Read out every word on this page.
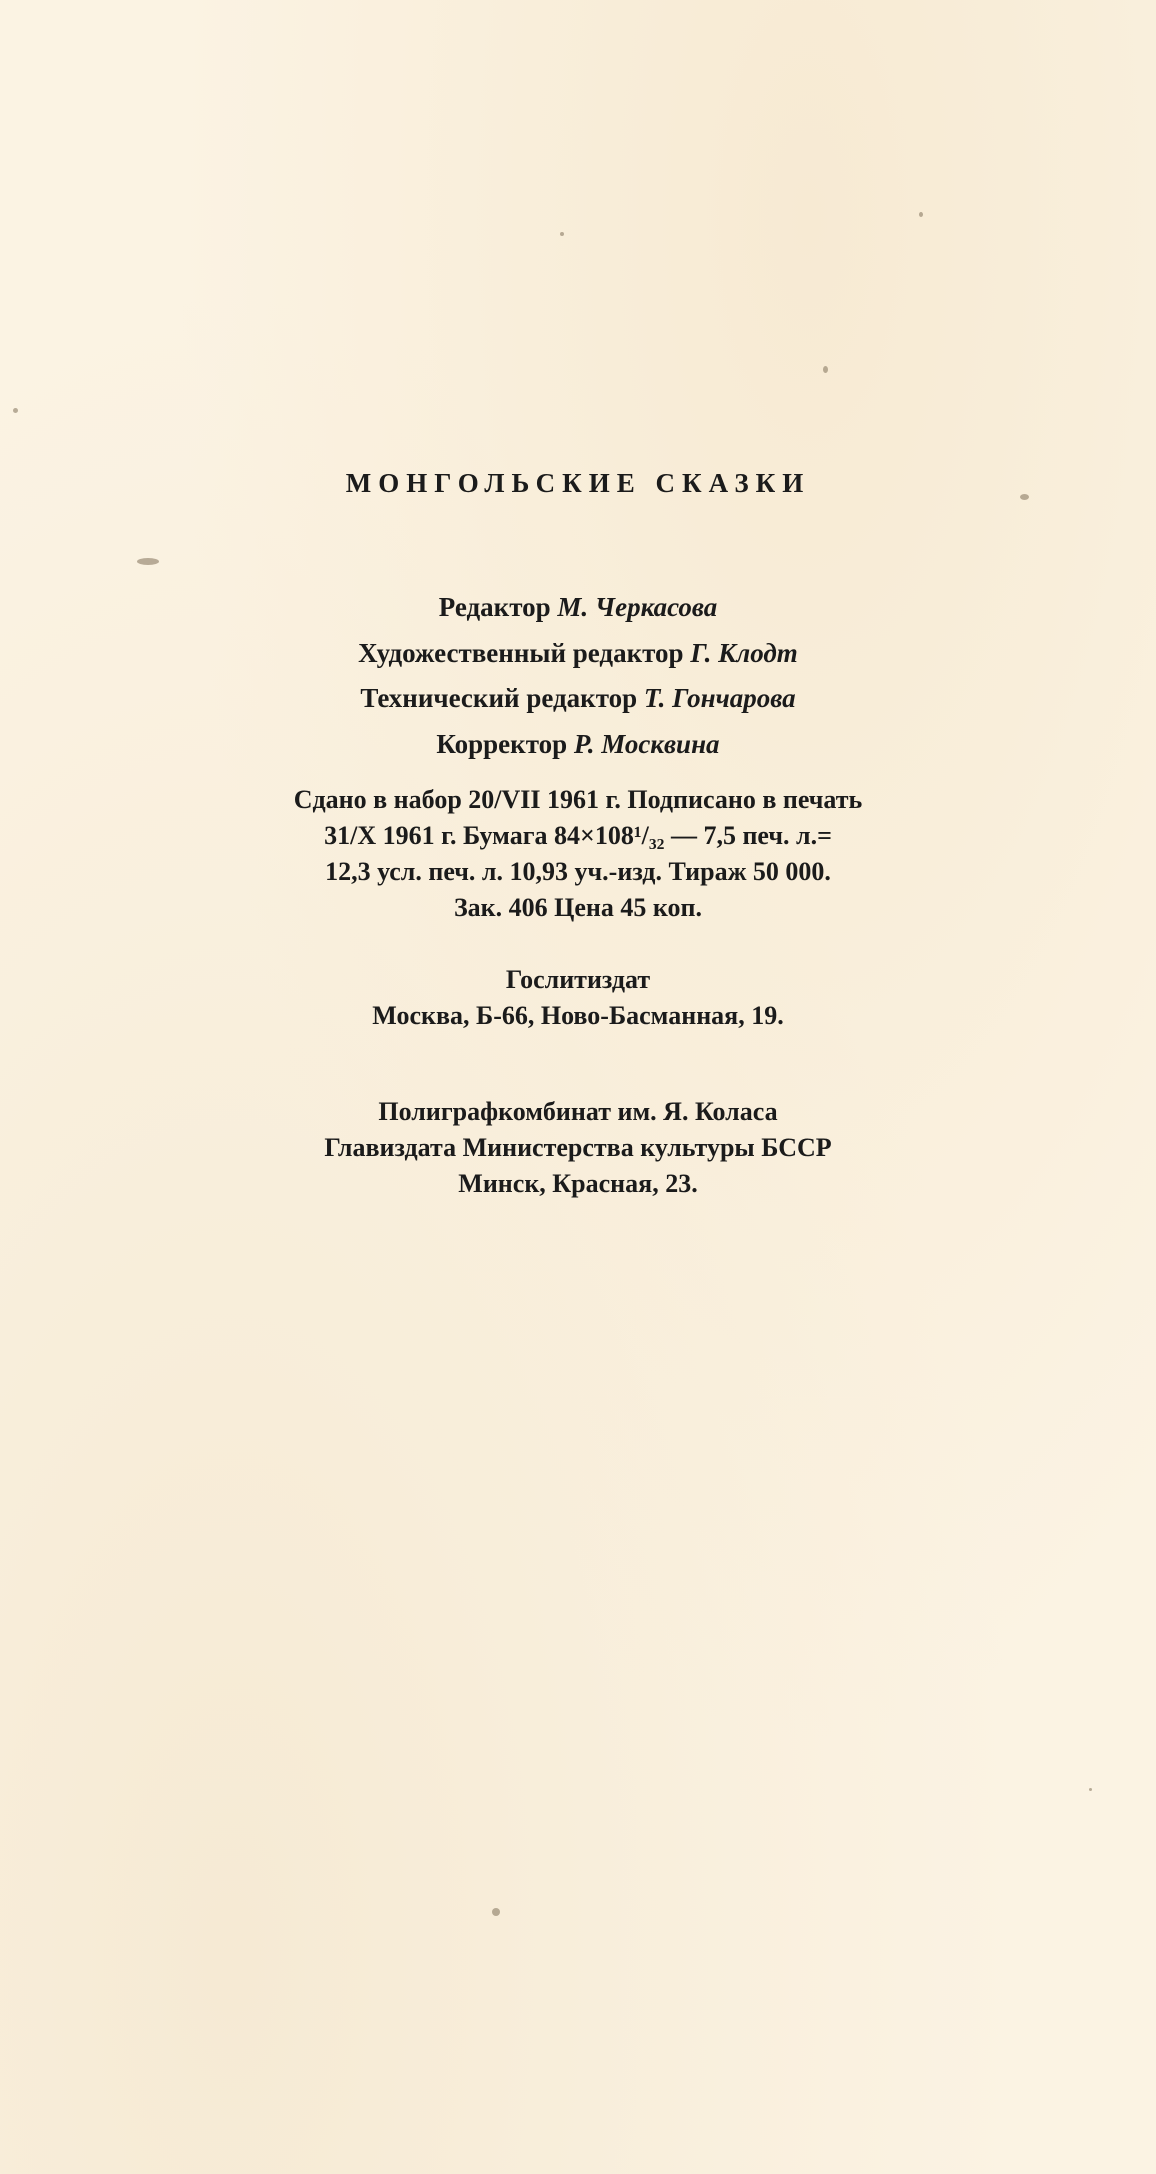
МОНГОЛЬСКИЕ СКАЗКИ
Редактор М. Черкасова
Художественный редактор Г. Клодт
Технический редактор Т. Гончарова
Корректор Р. Москвина
Сдано в набор 20/VII 1961 г. Подписано в печать
31/X 1961 г. Бумага 84×108¹/₃₂ — 7,5 печ. л.=
12,3 усл. печ. л. 10,93 уч.-изд. Тираж 50 000.
Зак. 406 Цена 45 коп.
Гослитиздат
Москва, Б-66, Ново-Басманная, 19.
Полиграфкомбинат им. Я. Коласа
Главиздата Министерства культуры БССР
Минск, Красная, 23.
